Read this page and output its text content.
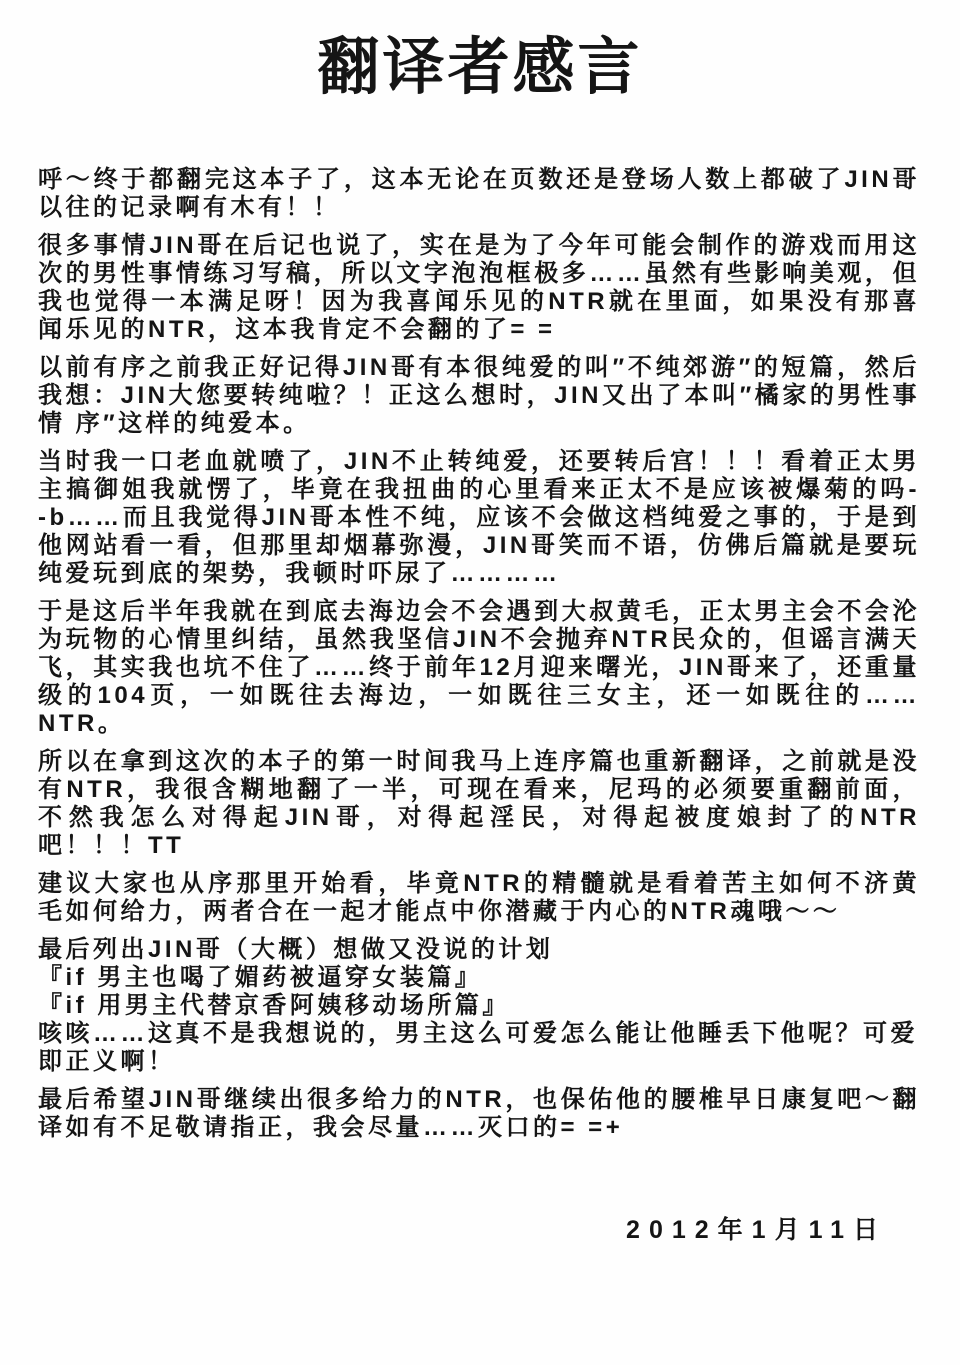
翻译者感言

呼～终于都翻完这本子了，这本无论在页数还是登场人数上都破了JIN哥以往的记录啊有木有！！

很多事情JIN哥在后记也说了，实在是为了今年可能会制作的游戏而用这次的男性事情练习写稿，所以文字泡泡框极多……虽然有些影响美观，但我也觉得一本满足呀！因为我喜闻乐见的NTR就在里面，如果没有那喜闻乐见的NTR，这本我肯定不会翻的了= =

以前有序之前我正好记得JIN哥有本很纯爱的叫″不纯郊游″的短篇，然后我想：JIN大您要转纯啦？！正这么想时，JIN又出了本叫″橘家的男性事情 序″这样的纯爱本。

当时我一口老血就喷了，JIN不止转纯爱，还要转后宫！！！看着正太男主搞御姐我就愣了，毕竟在我扭曲的心里看来正太不是应该被爆菊的吗- -b……而且我觉得JIN哥本性不纯，应该不会做这档纯爱之事的，于是到他网站看一看，但那里却烟幕弥漫，JIN哥笑而不语，仿佛后篇就是要玩纯爱玩到底的架势，我顿时吓尿了…………

于是这后半年我就在到底去海边会不会遇到大叔黄毛，正太男主会不会沦为玩物的心情里纠结，虽然我坚信JIN不会抛弃NTR民众的，但谣言满天飞，其实我也坑不住了……终于前年12月迎来曙光，JIN哥来了，还重量级的104页，一如既往去海边，一如既往三女主，还一如既往的……NTR。

所以在拿到这次的本子的第一时间我马上连序篇也重新翻译，之前就是没有NTR，我很含糊地翻了一半，可现在看来，尼玛的必须要重翻前面，不然我怎么对得起JIN哥，对得起淫民，对得起被度娘封了的NTR吧！！！TT

建议大家也从序那里开始看，毕竟NTR的精髓就是看着苦主如何不济黄毛如何给力，两者合在一起才能点中你潜藏于内心的NTR魂哦～～

最后列出JIN哥（大概）想做又没说的计划
『if 男主也喝了媚药被逼穿女装篇』
『if 用男主代替京香阿姨移动场所篇』
咳咳……这真不是我想说的，男主这么可爱怎么能让他睡丢下他呢？可爱即正义啊！

最后希望JIN哥继续出很多给力的NTR，也保佑他的腰椎早日康复吧～翻译如有不足敬请指正，我会尽量……灭口的= =+

2012年1月11日
